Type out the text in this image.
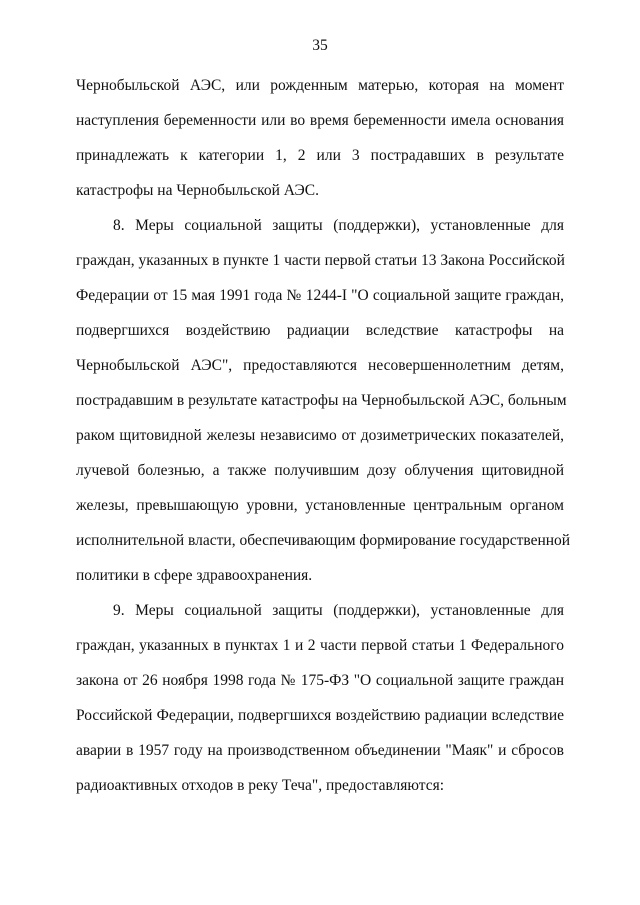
35
Чернобыльской АЭС, или рожденным матерью, которая на момент
наступления беременности или во время беременности имела основания
принадлежать к категории 1, 2 или 3 пострадавших в результате
катастрофы на Чернобыльской АЭС.
8. Меры социальной защиты (поддержки), установленные для
граждан, указанных в пункте 1 части первой статьи 13 Закона Российской
Федерации от 15 мая 1991 года № 1244-I "О социальной защите граждан,
подвергшихся воздействию радиации вследствие катастрофы на
Чернобыльской АЭС", предоставляются несовершеннолетним детям,
пострадавшим в результате катастрофы на Чернобыльской АЭС, больным
раком щитовидной железы независимо от дозиметрических показателей,
лучевой болезнью, а также получившим дозу облучения щитовидной
железы, превышающую уровни, установленные центральным органом
исполнительной власти, обеспечивающим формирование государственной
политики в сфере здравоохранения.
9. Меры социальной защиты (поддержки), установленные для
граждан, указанных в пунктах 1 и 2 части первой статьи 1 Федерального
закона от 26 ноября 1998 года № 175-ФЗ "О социальной защите граждан
Российской Федерации, подвергшихся воздействию радиации вследствие
аварии в 1957 году на производственном объединении "Маяк" и сбросов
радиоактивных отходов в реку Теча", предоставляются:
